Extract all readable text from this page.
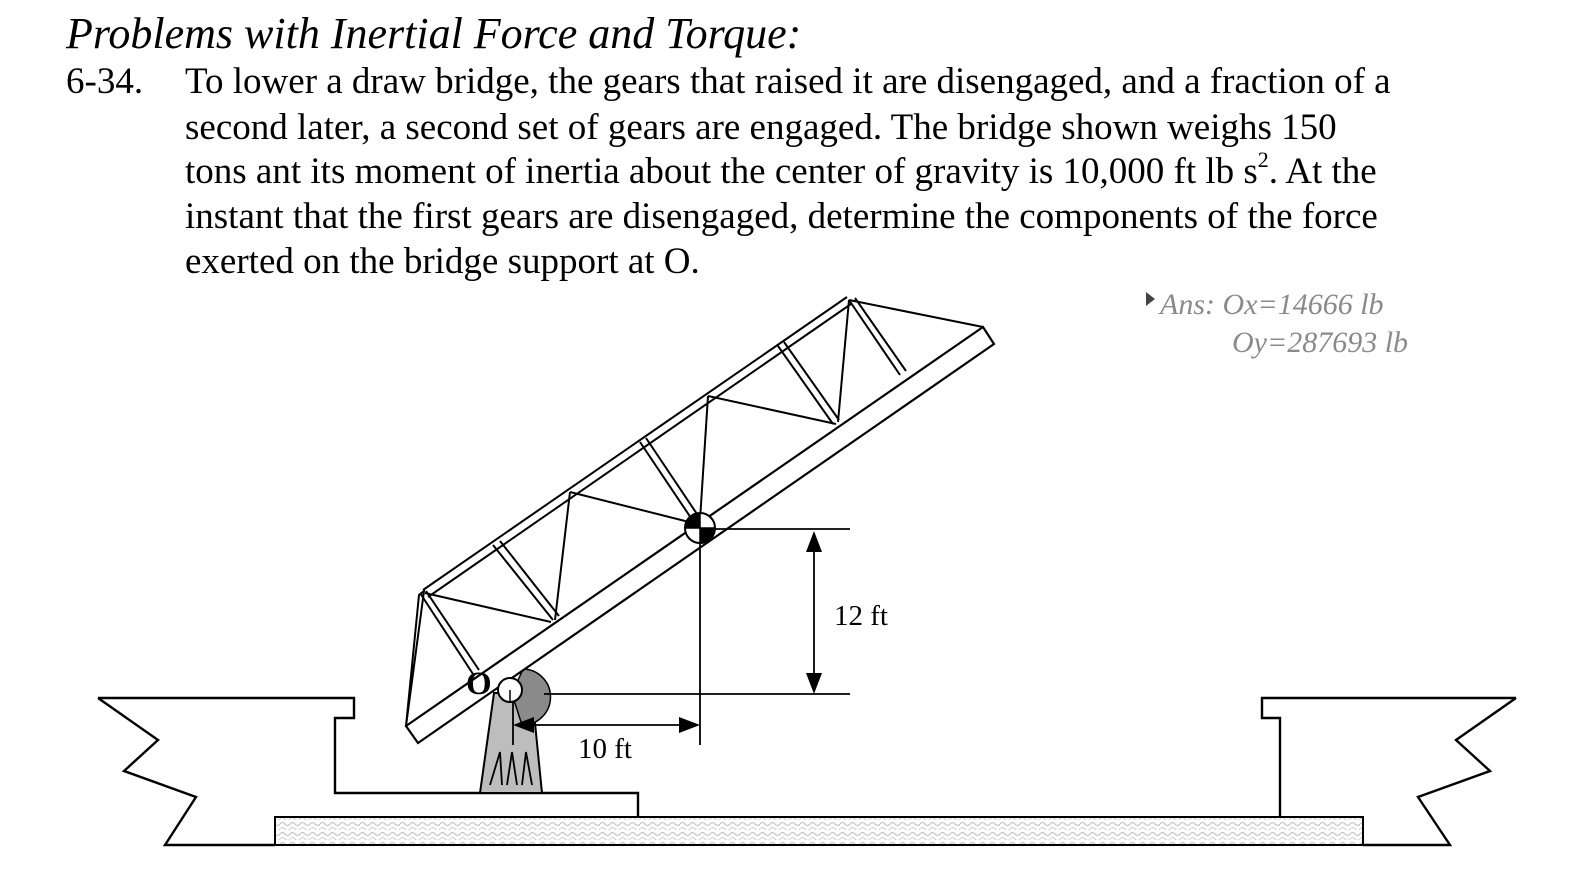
Problems with Inertial Force and Torque:
6-34. To lower a draw bridge, the gears that raised it are disengaged, and a fraction of a
second later, a second set of gears are engaged. The bridge shown weighs 150
tons ant its moment of inertia about the center of gravity is 10,000 ft lb $s^2$. At the
instant that the first gears are disengaged, determine the components of the force
exerted on the bridge support at O.
Ans: Ox=14666 lb
Oy=287693 lb
O
10 ft
12 ft
